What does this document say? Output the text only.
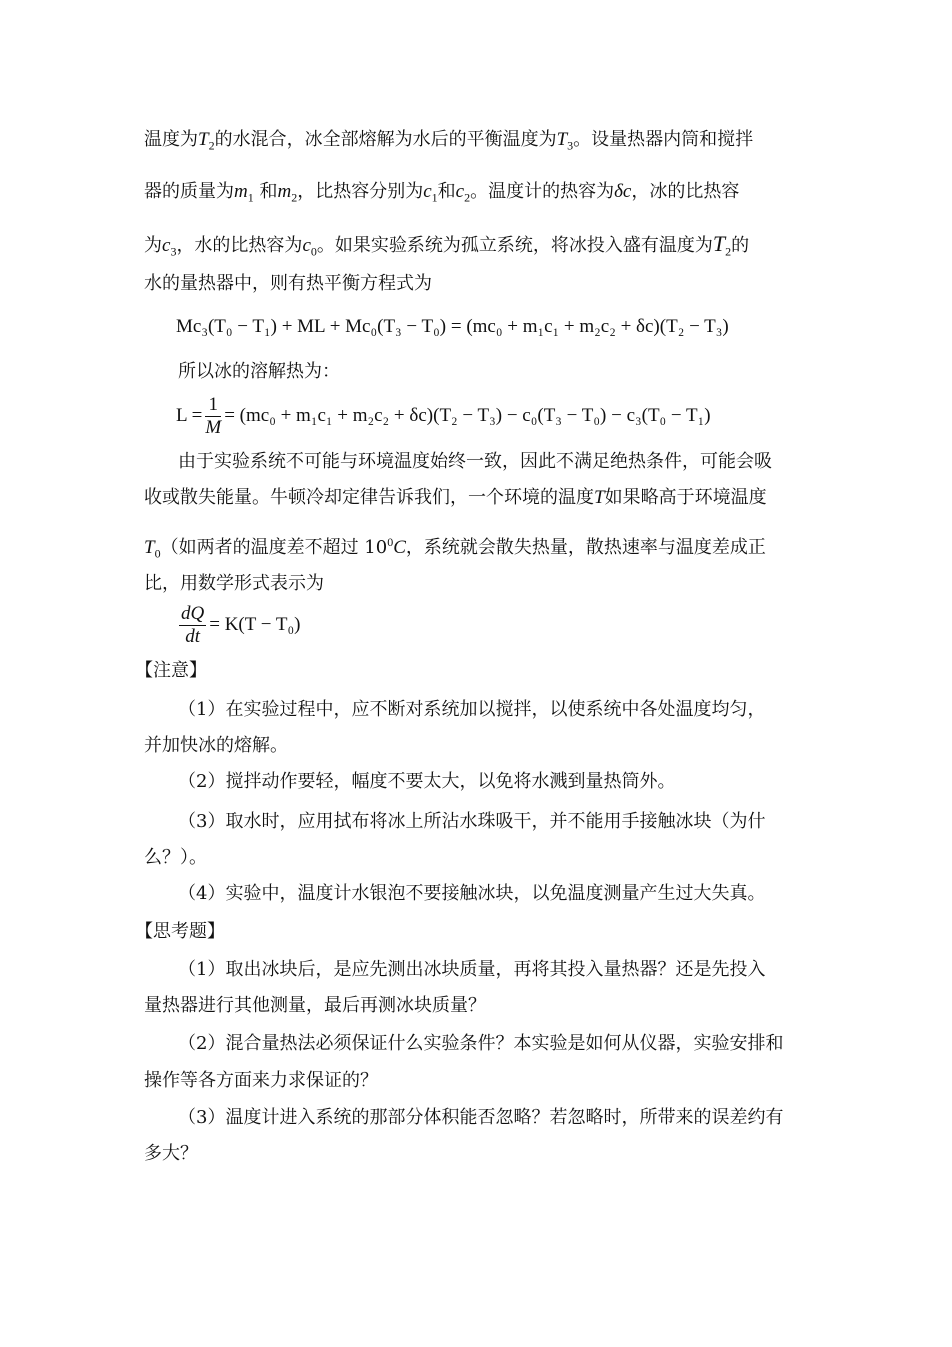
温度为$T_2$的水混合，冰全部熔解为水后的平衡温度为$T_3$。设量热器内筒和搅拌
器的质量为$m_1$ 和$m_2$，比热容分别为$c_1$和$c_2$。温度计的热容为δc，冰的比热容
为$c_3$，水的比热容为$c_0$。如果实验系统为孤立系统，将冰投入盛有温度为$T_2$的
水的量热器中，则有热平衡方程式为
Mc₃(T₀ − T₁) + ML + Mc₀(T₃ − T₀) = (mc₀ + m₁c₁ + m₂c₂ + δc)(T₂ − T₃)
所以冰的溶解热为：
$L = \frac{1}{M} = (mc_0 + m_1c_1 + m_2c_2 + \delta c)(T_2 - T_3) - c_0(T_3 - T_0) - c_3(T_0 - T_1)$
由于实验系统不可能与环境温度始终一致，因此不满足绝热条件，可能会吸
收或散失能量。牛顿冷却定律告诉我们，一个环境的温度T如果略高于环境温度
$T_0$（如两者的温度差不超过 $10^0C$，系统就会散失热量，散热速率与温度差成正
比，用数学形式表示为
$\frac{dQ}{dt} = K(T - T_0)$
【注意】
（1）在实验过程中，应不断对系统加以搅拌，以使系统中各处温度均匀，
并加快冰的熔解。
（2）搅拌动作要轻，幅度不要太大，以免将水溅到量热筒外。
（3）取水时，应用拭布将冰上所沾水珠吸干，并不能用手接触冰块（为什
么？）。
（4）实验中，温度计水银泡不要接触冰块，以免温度测量产生过大失真。
【思考题】
（1）取出冰块后，是应先测出冰块质量，再将其投入量热器？还是先投入
量热器进行其他测量，最后再测冰块质量？
（2）混合量热法必须保证什么实验条件？本实验是如何从仪器，实验安排和
操作等各方面来力求保证的？
（3）温度计进入系统的那部分体积能否忽略？若忽略时，所带来的误差约有
多大？
